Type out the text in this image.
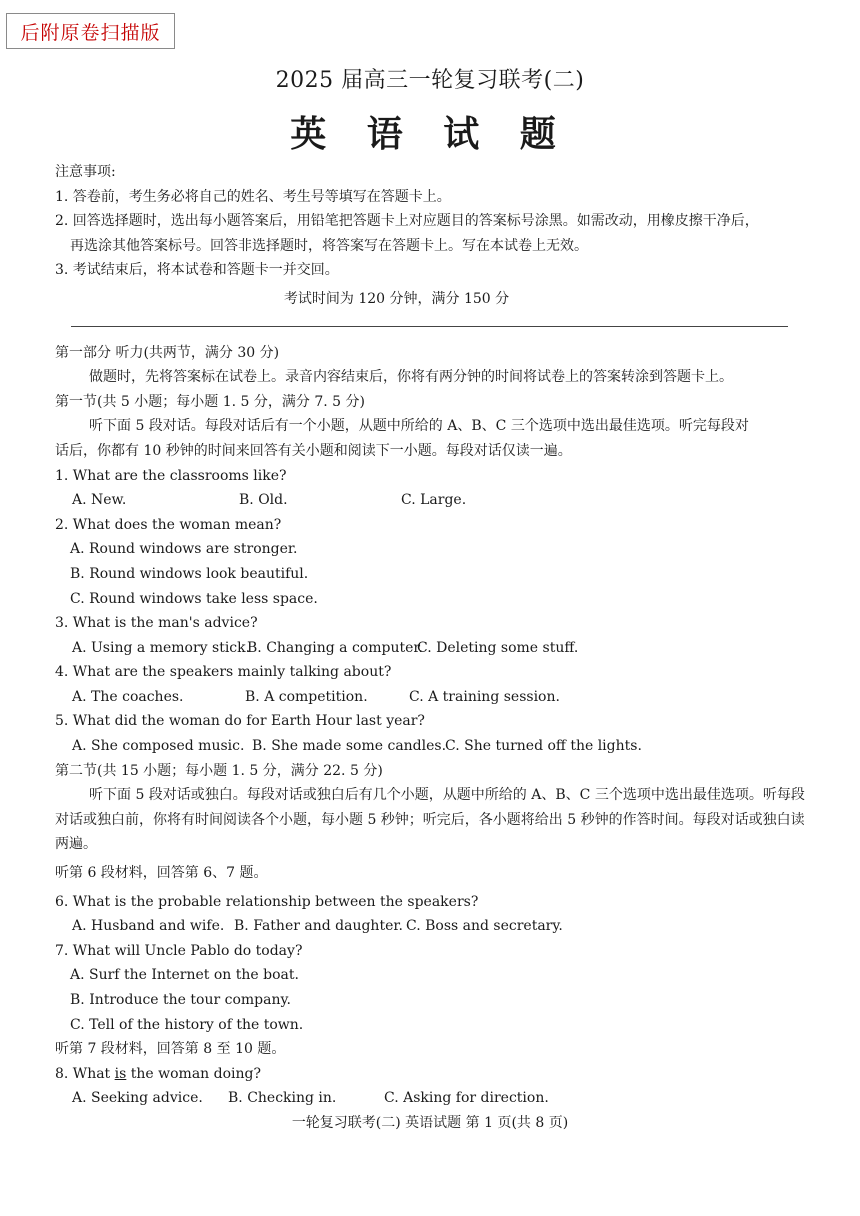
后附原卷扫描版
2025 届高三一轮复习联考(二)
英 语 试 题
注意事项:
1. 答卷前，考生务必将自己的姓名、考生号等填写在答题卡上。
2. 回答选择题时，选出每小题答案后，用铅笔把答题卡上对应题目的答案标号涂黑。如需改动，用橡皮擦干净后，
再选涂其他答案标号。回答非选择题时，将答案写在答题卡上。写在本试卷上无效。
3. 考试结束后，将本试卷和答题卡一并交回。
考试时间为 120 分钟，满分 150 分
第一部分 听力(共两节，满分 30 分)
做题时，先将答案标在试卷上。录音内容结束后，你将有两分钟的时间将试卷上的答案转涂到答题卡上。
第一节(共 5 小题；每小题 1. 5 分，满分 7. 5 分)
听下面 5 段对话。每段对话后有一个小题，从题中所给的 A、B、C 三个选项中选出最佳选项。听完每段对
话后，你都有 10 秒钟的时间来回答有关小题和阅读下一小题。每段对话仅读一遍。
1. What are the classrooms like?
A. New.	B. Old.	C. Large.
2. What does the woman mean?
A. Round windows are stronger.
B. Round windows look beautiful.
C. Round windows take less space.
3. What is the man's advice?
A. Using a memory stick.
B. Changing a computer.
C. Deleting some stuff.
4. What are the speakers mainly talking about?
A. The coaches.	B. A competition.	C. A training session.
5. What did the woman do for Earth Hour last year?
A. She composed music. B. She made some candles.
C. She turned off the lights.
第二节(共 15 小题；每小题 1. 5 分，满分 22. 5 分)
听下面 5 段对话或独白。每段对话或独白后有几个小题，从题中所给的 A、B、C 三个选项中选出最佳选项。听每段对话或独白前，你将有时间阅读各个小题，每小题 5 秒钟；听完后，各小题将给出 5 秒钟的作答时间。每段对话或独白读两遍。
听第 6 段材料，回答第 6、7 题。
6. What is the probable relationship between the speakers?
A. Husband and wife. B. Father and daughter. C. Boss and secretary.
7. What will Uncle Pablo do today?
A. Surf the Internet on the boat.
B. Introduce the tour company.
C. Tell of the history of the town.
听第 7 段材料，回答第 8 至 10 题。
8. What is the woman doing?
A. Seeking advice.	B. Checking in.	C. Asking for direction.
一轮复习联考(二) 英语试题 第 1 页(共 8 页)
